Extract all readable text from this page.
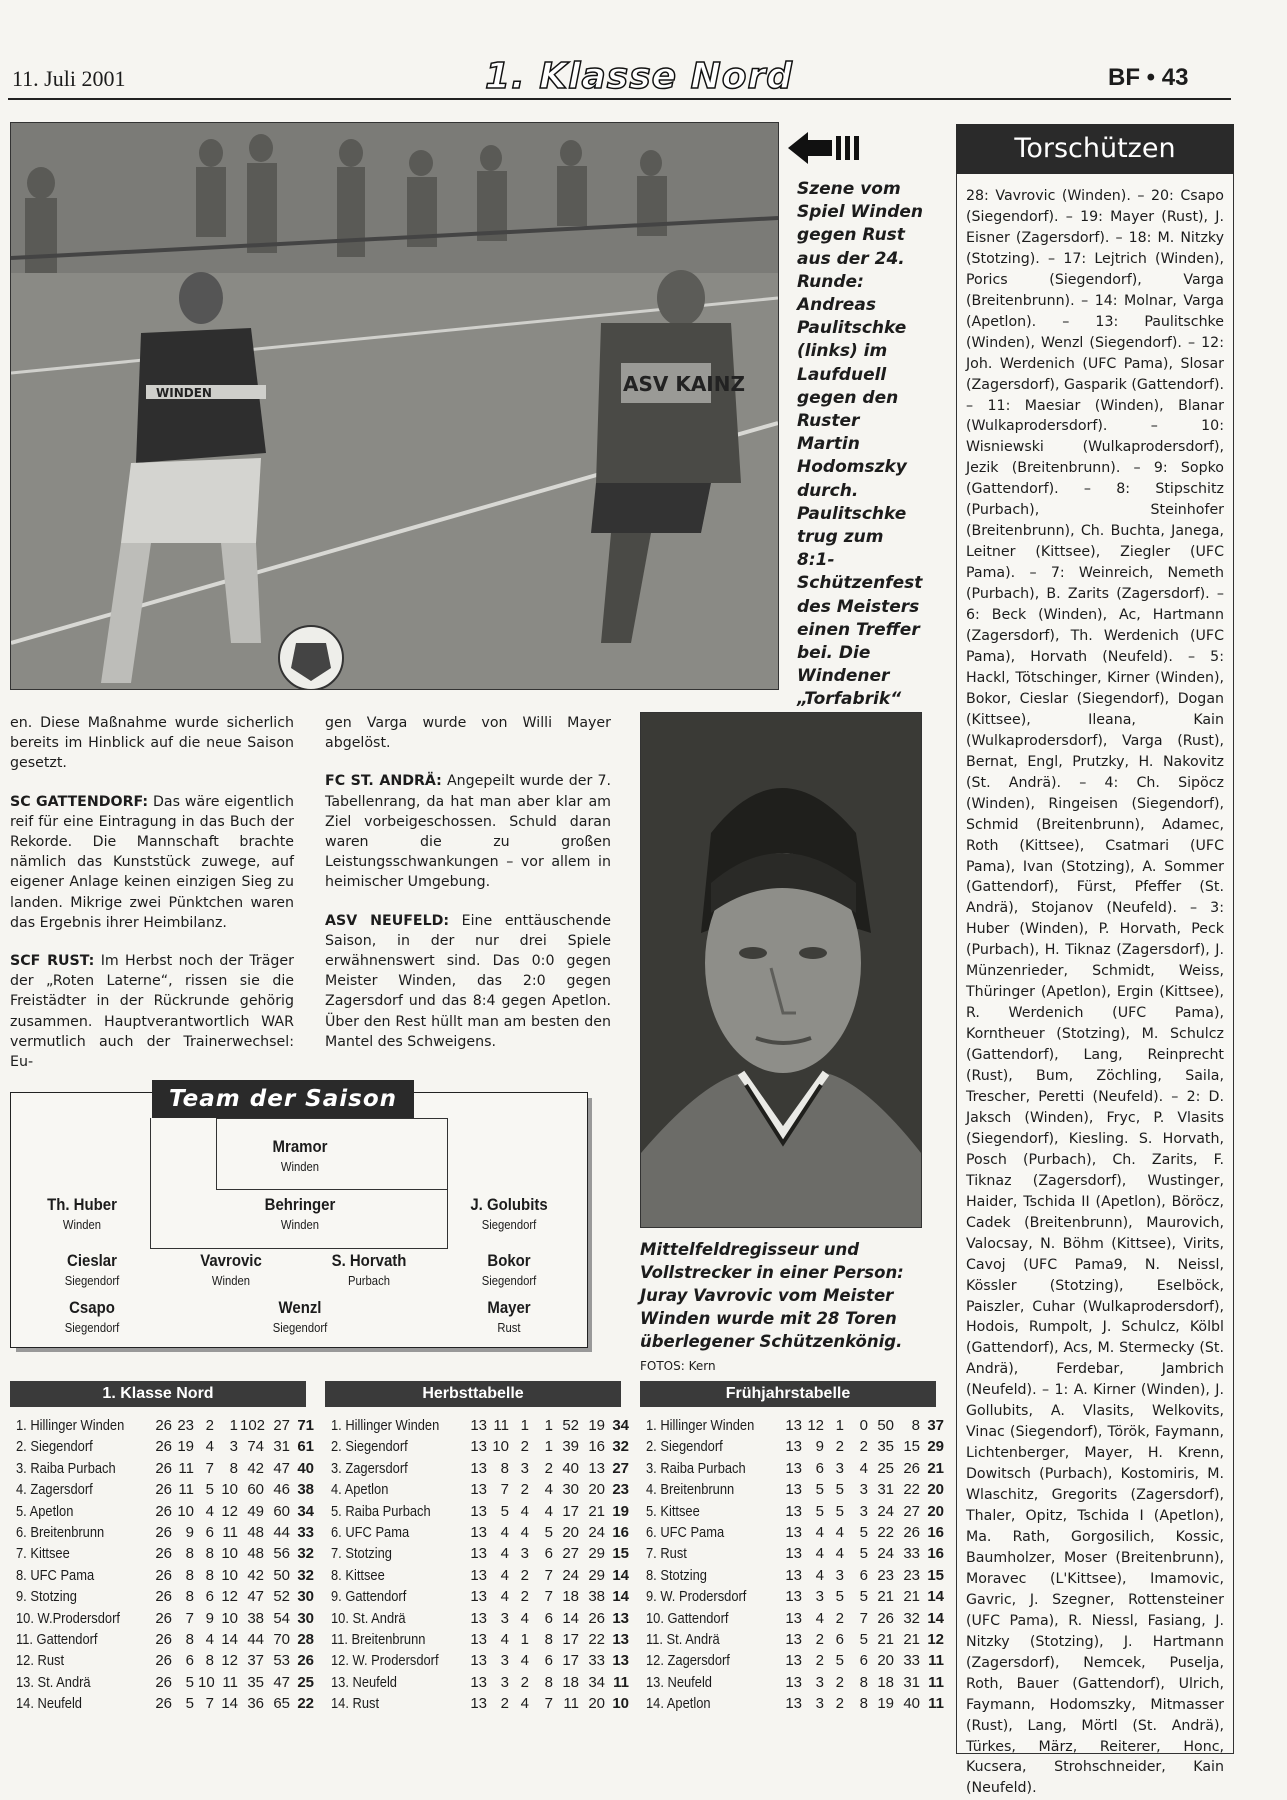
11. Juli 2001	1. Klasse Nord	BF • 43
WINDEN	ASV KAINZ
Szene vom Spiel Winden gegen Rust aus der 24. Runde: Andreas Paulitschke (links) im Laufduell gegen den Ruster Martin Hodomszky durch. Paulitschke trug zum 8:1-Schützenfest des Meisters einen Treffer bei. Die Windener „Torfabrik“

en. Diese Maßnahme wurde sicherlich bereits im Hinblick auf die neue Saison gesetzt.

SC GATTENDORF: Das wäre eigentlich reif für eine Eintragung in das Buch der Rekorde. Die Mannschaft brachte nämlich das Kunststück zuwege, auf eigener Anlage keinen einzigen Sieg zu landen. Mikrige zwei Pünktchen waren das Ergebnis ihrer Heimbilanz.

SCF RUST: Im Herbst noch der Träger der „Roten Laterne“, rissen sie die Freistädter in der Rückrunde gehörig zusammen. Hauptverantwortlich WAR vermutlich auch der Trainerwechsel: Eu-

gen Varga wurde von Willi Mayer abgelöst.

FC ST. ANDRÄ: Angepeilt wurde der 7. Tabellenrang, da hat man aber klar am Ziel vorbeigeschossen. Schuld daran waren die zu großen Leistungsschwankungen – vor allem in heimischer Umgebung.

ASV NEUFELD: Eine enttäuschende Saison, in der nur drei Spiele erwähnenswert sind. Das 0:0 gegen Meister Winden, das 2:0 gegen Zagersdorf und das 8:4 gegen Apetlon. Über den Rest hüllt man am besten den Mantel des Schweigens.

Mittelfeldregisseur und Vollstrecker in einer Person: Juray Vavrovic vom Meister Winden wurde mit 28 Toren überlegener Schützenkönig. FOTOS: Kern
Torschützen
28: Vavrovic (Winden). – 20: Csapo (Siegendorf). – 19: Mayer (Rust), J. Eisner (Zagersdorf). – 18: M. Nitzky (Stotzing). – 17: Lejtrich (Winden), Porics (Siegendorf), Varga (Breitenbrunn). – 14: Molnar, Varga (Apetlon). – 13: Paulitschke (Winden), Wenzl (Siegendorf). – 12: Joh. Werdenich (UFC Pama), Slosar (Zagersdorf), Gasparik (Gattendorf). – 11: Maesiar (Winden), Blanar (Wulkaprodersdorf). – 10: Wisniewski (Wulkaprodersdorf), Jezik (Breitenbrunn). – 9: Sopko (Gattendorf). – 8: Stipschitz (Purbach), Steinhofer (Breitenbrunn), Ch. Buchta, Janega, Leitner (Kittsee), Ziegler (UFC Pama). – 7: Weinreich, Nemeth (Purbach), B. Zarits (Zagersdorf). – 6: Beck (Winden), Ac, Hartmann (Zagersdorf), Th. Werdenich (UFC Pama), Horvath (Neufeld). – 5: Hackl, Tötschinger, Kirner (Winden), Bokor, Cieslar (Siegendorf), Dogan (Kittsee), Ileana, Kain (Wulkaprodersdorf), Varga (Rust), Bernat, Engl, Prutzky, H. Nakovitz (St. Andrä). – 4: Ch. Sipöcz (Winden), Ringeisen (Siegendorf), Schmid (Breitenbrunn), Adamec, Roth (Kittsee), Csatmari (UFC Pama), Ivan (Stotzing), A. Sommer (Gattendorf), Fürst, Pfeffer (St. Andrä), Stojanov (Neufeld). – 3: Huber (Winden), P. Horvath, Peck (Purbach), H. Tiknaz (Zagersdorf), J. Münzenrieder, Schmidt, Weiss, Thüringer (Apetlon), Ergin (Kittsee), R. Werdenich (UFC Pama), Korntheuer (Stotzing), M. Schulcz (Gattendorf), Lang, Reinprecht (Rust), Bum, Zöchling, Saila, Trescher, Peretti (Neufeld). – 2: D. Jaksch (Winden), Fryc, P. Vlasits (Siegendorf), Kiesling. S. Horvath, Posch (Purbach), Ch. Zarits, F. Tiknaz (Zagersdorf), Wustinger, Haider, Tschida II (Apetlon), Böröcz, Cadek (Breitenbrunn), Maurovich, Valocsay, N. Böhm (Kittsee), Virits, Cavoj (UFC Pama9, N. Neissl, Kössler (Stotzing), Eselböck, Paiszler, Cuhar (Wulkaprodersdorf), Hodois, Rumpolt, J. Schulcz, Kölbl (Gattendorf), Acs, M. Stermecky (St. Andrä), Ferdebar, Jambrich (Neufeld). – 1: A. Kirner (Winden), J. Gollubits, A. Vlasits, Welkovits, Vinac (Siegendorf), Török, Faymann, Lichtenberger, Mayer, H. Krenn, Dowitsch (Purbach), Kostomiris, M. Wlaschitz, Gregorits (Zagersdorf), Thaler, Opitz, Tschida I (Apetlon), Ma. Rath, Gorgosilich, Kossic, Baumholzer, Moser (Breitenbrunn), Moravec (L'Kittsee), Imamovic, Gavric, J. Szegner, Rottensteiner (UFC Pama), R. Niessl, Fasiang, J. Nitzky (Stotzing), J. Hartmann (Zagersdorf), Nemcek, Puselja, Roth, Bauer (Gattendorf), Ulrich, Faymann, Hodomszky, Mitmasser (Rust), Lang, Mörtl (St. Andrä), Türkes, März, Reiterer, Honc, Kucsera, Strohschneider, Kain (Neufeld).
Team der Saison
Mramor
Winden
Th. Huber
Winden
Behringer
Winden
J. Golubits
Siegendorf
Cieslar
Siegendorf
Vavrovic
Winden
S. Horvath
Purbach
Bokor
Siegendorf
Csapo
Siegendorf
Wenzl
Siegendorf
Mayer
Rust
1. Klasse Nord
1. Hillinger Winden	26 23 2	1 102 27 71
2. Siegendorf	26 19 4	3 74 31 61
3. Raiba Purbach	26 11 7	8 42 47 40
4. Zagersdorf	26 11 5 10 60 46 38
5. Apetlon	26 10 4 12 49 60 34
6. Breitenbrunn	26 9 6 11 48 44 33
7. Kittsee	26 8 8 10 48 56 32
8. UFC Pama	26 8 8 10 42 50 32
9. Stotzing	26 8 6 12 47 52 30
10. W.Prodersdorf	26 7 9 10 38 54 30
11. Gattendorf	26 8 4 14 44 70 28
12. Rust	26 6 8 12 37 53 26
13. St. Andrä	26 5 10 11 35 47 25
14. Neufeld	26 5 7 14 36 65 22
Herbsttabelle
1. Hillinger Winden	13 11 1	1 52 19 34
2. Siegendorf	13 10 2	1 39 16 32
3. Zagersdorf	13 8 3	2 40 13 27
4. Apetlon	13 7 2	4 30 20 23
5. Raiba Purbach	13 5 4	4 17 21 19
6. UFC Pama	13 4 4	5 20 24 16
7. Stotzing	13 4 3	6 27 29 15
8. Kittsee	13 4 2	7 24 29 14
9. Gattendorf	13 4 2	7 18 38 14
10. St. Andrä	13 3 4	6 14 26 13
11. Breitenbrunn	13 4 1	8 17 22 13
12. W. Prodersdorf	13 3 4	6 17 33 13
13. Neufeld	13 3 2	8 18 34 11
14. Rust	13 2 4	7 11 20 10
Frühjahrstabelle
1. Hillinger Winden	13 12 1	0 50	8 37
2. Siegendorf	13 9 2	2 35 15 29
3. Raiba Purbach	13 6 3	4 25 26 21
4. Breitenbrunn	13 5 5	3 31 22 20
5. Kittsee	13 5 5	3 24 27 20
6. UFC Pama	13 4 4	5 22 26 16
7. Rust	13 4 4	5 24 33 16
8. Stotzing	13 4 3	6 23 23 15
9. W. Prodersdorf	13 3 5	5 21 21 14
10. Gattendorf	13 4 2	7 26 32 14
11. St. Andrä	13 2 6	5 21 21 12
12. Zagersdorf	13 2 5	6 20 33 11
13. Neufeld	13 3 2	8 18 31 11
14. Apetlon	13 3 2	8 19 40 11
